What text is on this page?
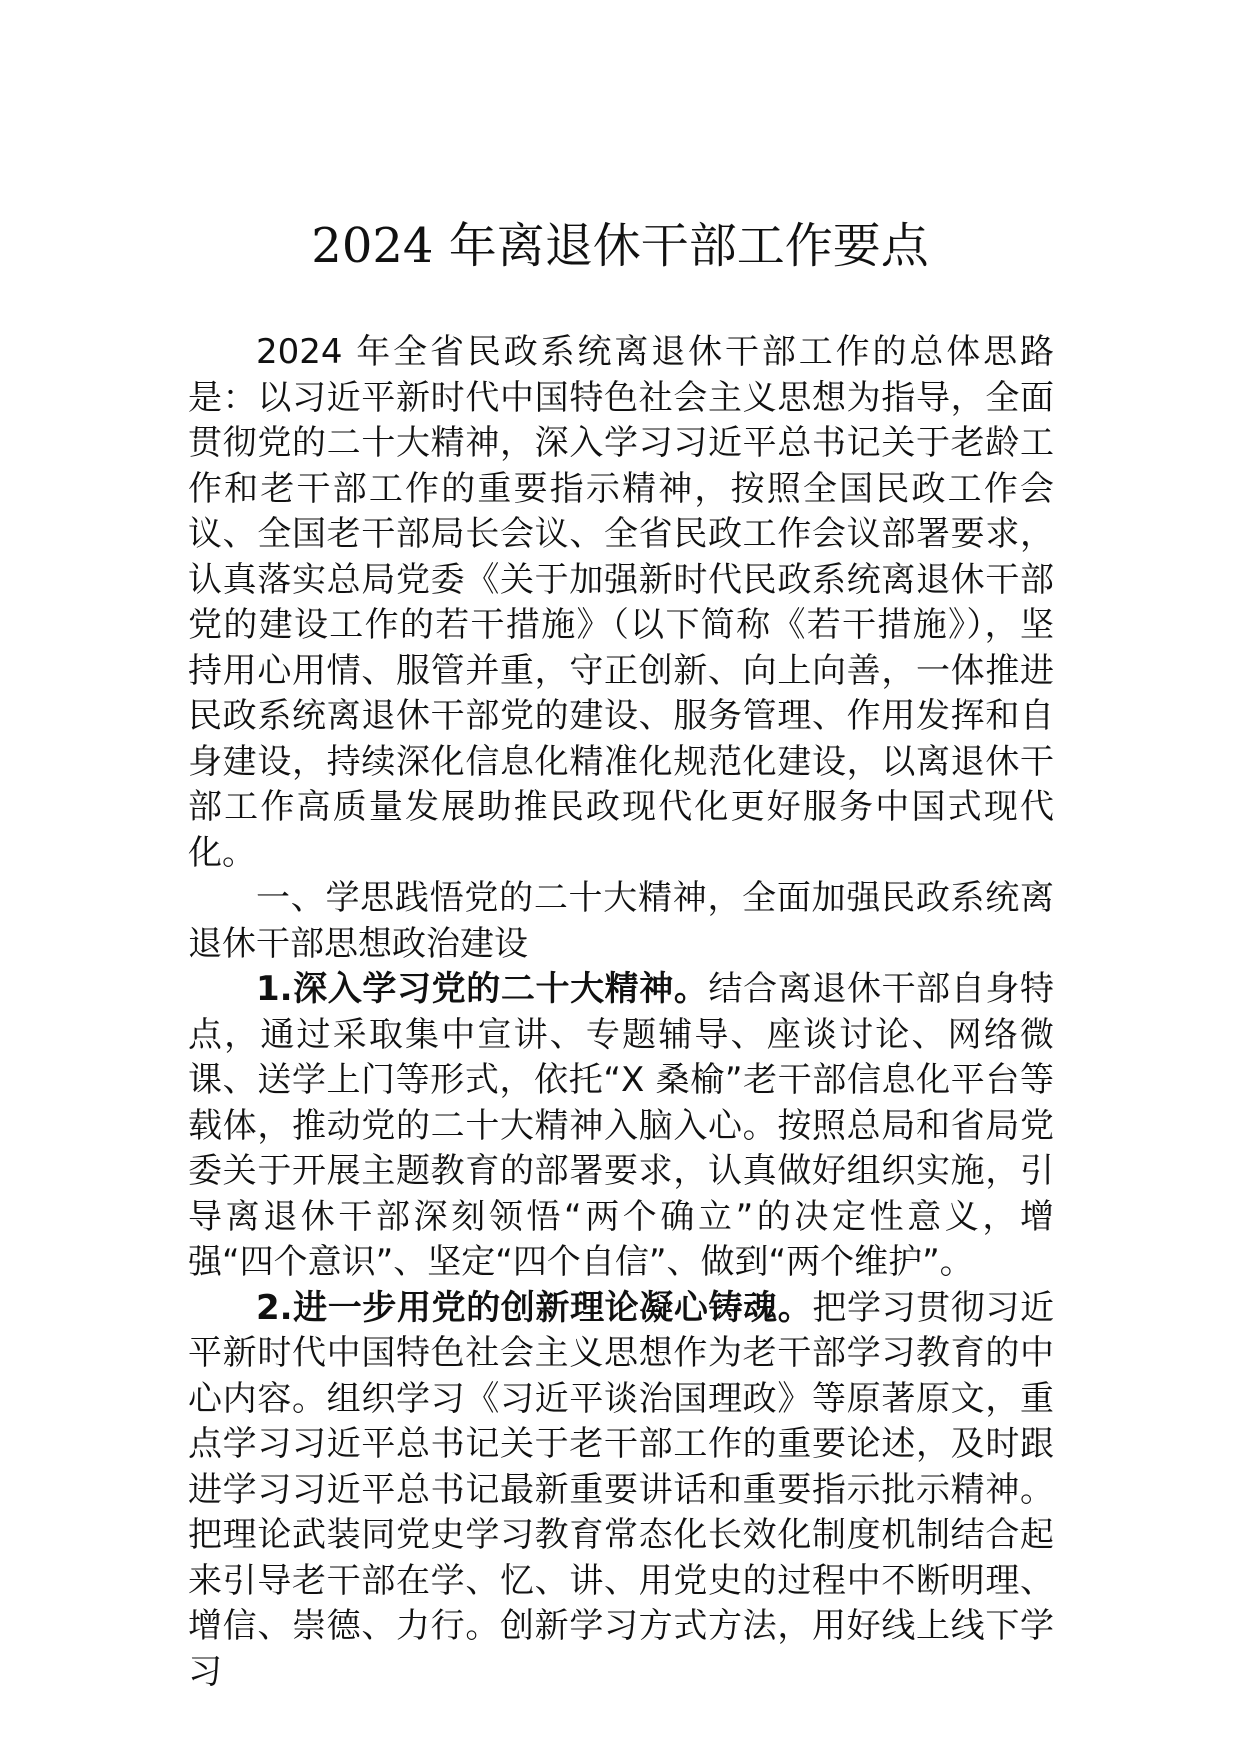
2024 年离退休干部工作要点

2024 年全省民政系统离退休干部工作的总体思路是：以习近平新时代中国特色社会主义思想为指导，全面贯彻党的二十大精神，深入学习习近平总书记关于老龄工作和老干部工作的重要指示精神，按照全国民政工作会议、全国老干部局长会议、全省民政工作会议部署要求，认真落实总局党委《关于加强新时代民政系统离退休干部党的建设工作的若干措施》（以下简称《若干措施》），坚持用心用情、服管并重，守正创新、向上向善，一体推进民政系统离退休干部党的建设、服务管理、作用发挥和自身建设，持续深化信息化精准化规范化建设，以离退休干部工作高质量发展助推民政现代化更好服务中国式现代化。

一、学思践悟党的二十大精神，全面加强民政系统离退休干部思想政治建设

1.深入学习党的二十大精神。结合离退休干部自身特点，通过采取集中宣讲、专题辅导、座谈讨论、网络微课、送学上门等形式，依托“X 桑榆”老干部信息化平台等载体，推动党的二十大精神入脑入心。按照总局和省局党委关于开展主题教育的部署要求，认真做好组织实施，引导离退休干部深刻领悟“两个确立”的决定性意义，增强“四个意识”、坚定“四个自信”、做到“两个维护”。

2.进一步用党的创新理论凝心铸魂。把学习贯彻习近平新时代中国特色社会主义思想作为老干部学习教育的中心内容。组织学习《习近平谈治国理政》等原著原文，重点学习习近平总书记关于老干部工作的重要论述，及时跟进学习习近平总书记最新重要讲话和重要指示批示精神。把理论武装同党史学习教育常态化长效化制度机制结合起来引导老干部在学、忆、讲、用党史的过程中不断明理、增信、崇德、力行。创新学习方式方法，用好线上线下学习
